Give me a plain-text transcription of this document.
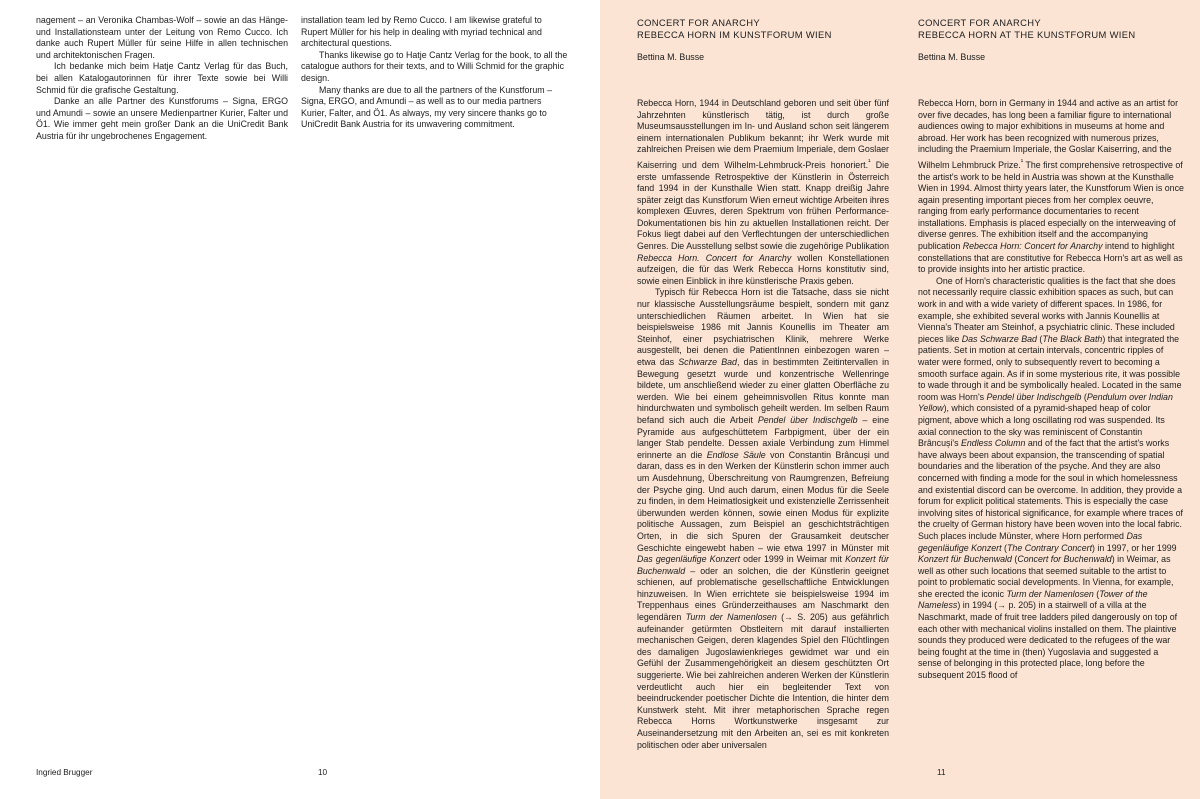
nagement – an Veronika Chambas-Wolf – sowie an das Hänge- und Installationsteam unter der Leitung von Remo Cucco. Ich danke auch Rupert Müller für seine Hilfe in allen technischen und architektonischen Fragen.

Ich bedanke mich beim Hatje Cantz Verlag für das Buch, bei allen Katalogautorinnen für ihrer Texte sowie bei Willi Schmid für die grafische Gestaltung.

Danke an alle Partner des Kunstforums – Signa, ERGO und Amundi – sowie an unsere Medienpartner Kurier, Falter und Ö1. Wie immer geht mein großer Dank an die UniCredit Bank Austria für ihr ungebrochenes Engagement.

installation team led by Remo Cucco. I am likewise grateful to Rupert Müller for his help in dealing with myriad technical and architectural questions.

Thanks likewise go to Hatje Cantz Verlag for the book, to all the catalogue authors for their texts, and to Willi Schmid for the graphic design.

Many thanks are due to all the partners of the Kunstforum – Signa, ERGO, and Amundi – as well as to our media partners Kurier, Falter, and Ö1. As always, my very sincere thanks go to UniCredit Bank Austria for its unwavering commitment.

Ingried Brugger	10
CONCERT FOR ANARCHY
REBECCA HORN IM KUNSTFORUM WIEN
Bettina M. Busse
CONCERT FOR ANARCHY
REBECCA HORN AT THE KUNSTFORUM WIEN
Bettina M. Busse

Rebecca Horn, 1944 in Deutschland geboren und seit über fünf Jahrzehnten künstlerisch tätig, ist durch große Museumsausstellungen im In- und Ausland schon seit längerem einem internationalen Publikum bekannt; ihr Werk wurde mit zahlreichen Preisen wie dem Praemium Imperiale, dem Goslaer Kaiserring und dem Wilhelm-Lehmbruck-Preis honoriert.$^{^1}$ Die erste umfassende Retrospektive der Künstlerin in Österreich fand 1994 in der Kunsthalle Wien statt. Knapp dreißig Jahre später zeigt das Kunstforum Wien erneut wichtige Arbeiten ihres komplexen Œuvres, deren Spektrum von frühen Performance-Dokumentationen bis hin zu aktuellen Installationen reicht. Der Fokus liegt dabei auf den Verflechtungen der unterschiedlichen Genres. Die Ausstellung selbst sowie die zugehörige Publikation Rebecca Horn. Concert for Anarchy wollen Konstellationen aufzeigen, die für das Werk Rebecca Horns konstitutiv sind, sowie einen Einblick in ihre künstlerische Praxis geben.

Typisch für Rebecca Horn ist die Tatsache, dass sie nicht nur klassische Ausstellungsräume bespielt, sondern mit ganz unterschiedlichen Räumen arbeitet. In Wien hat sie beispielsweise 1986 mit Jannis Kounellis im Theater am Steinhof, einer psychiatrischen Klinik, mehrere Werke ausgestellt, bei denen die PatientInnen einbezogen waren – etwa das Schwarze Bad, das in bestimmten Zeitintervallen in Bewegung gesetzt wurde und konzentrische Wellenringe bildete, um anschließend wieder zu einer glatten Oberfläche zu werden. Wie bei einem geheimnisvollen Ritus konnte man hindurchwaten und symbolisch geheilt werden. Im selben Raum befand sich auch die Arbeit Pendel über Indischgelb – eine Pyramide aus aufgeschüttetem Farbpigment, über der ein langer Stab pendelte. Dessen axiale Verbindung zum Himmel erinnerte an die Endlose Säule von Constantin Brâncuși und daran, dass es in den Werken der Künstlerin schon immer auch um Ausdehnung, Überschreitung von Raumgrenzen, Befreiung der Psyche ging. Und auch darum, einen Modus für die Seele zu finden, in dem Heimatlosigkeit und existenzielle Zerrissenheit überwunden werden können, sowie einen Modus für explizite politische Aussagen, zum Beispiel an geschichtsträchtigen Orten, in die sich Spuren der Grausamkeit deutscher Geschichte eingewebt haben – wie etwa 1997 in Münster mit Das gegenläufige Konzert oder 1999 in Weimar mit Konzert für Buchenwald – oder an solchen, die der Künstlerin geeignet schienen, auf problematische gesellschaftliche Entwicklungen hinzuweisen. In Wien errichtete sie beispielsweise 1994 im Treppenhaus eines Gründerzeithauses am Naschmarkt den legendären Turm der Namenlosen (→ S. 205) aus gefährlich aufeinander getürmten Obstleitern mit darauf installierten mechanischen Geigen, deren klagendes Spiel den Flüchtlingen des damaligen Jugoslawienkrieges gewidmet war und ein Gefühl der Zusammengehörigkeit an diesem geschützten Ort suggerierte. Wie bei zahlreichen anderen Werken der Künstlerin verdeutlicht auch hier ein begleitender Text von beeindruckender poetischer Dichte die Intention, die hinter dem Kunstwerk steht. Mit ihrer metaphorischen Sprache regen Rebecca Horns Wortkunstwerke insgesamt zur Auseinandersetzung mit den Arbeiten an, sei es mit konkreten politischen oder aber universalen

Rebecca Horn, born in Germany in 1944 and active as an artist for over five decades, has long been a familiar figure to international audiences owing to major exhibitions in museums at home and abroad. Her work has been recognized with numerous prizes, including the Praemium Imperiale, the Goslar Kaiserring, and the Wilhelm Lehmbruck Prize.$^{^1}$ The first comprehensive retrospective of the artist's work to be held in Austria was shown at the Kunsthalle Wien in 1994. Almost thirty years later, the Kunstforum Wien is once again presenting important pieces from her complex oeuvre, ranging from early performance documentaries to recent installations. Emphasis is placed especially on the interweaving of diverse genres. The exhibition itself and the accompanying publication Rebecca Horn: Concert for Anarchy intend to highlight constellations that are constitutive for Rebecca Horn's art as well as to provide insights into her artistic practice.

One of Horn's characteristic qualities is the fact that she does not necessarily require classic exhibition spaces as such, but can work in and with a wide variety of different spaces. In 1986, for example, she exhibited several works with Jannis Kounellis at Vienna's Theater am Steinhof, a psychiatric clinic. These included pieces like Das Schwarze Bad (The Black Bath) that integrated the patients. Set in motion at certain intervals, concentric ripples of water were formed, only to subsequently revert to becoming a smooth surface again. As if in some mysterious rite, it was possible to wade through it and be symbolically healed. Located in the same room was Horn's Pendel über Indischgelb (Pendulum over Indian Yellow), which consisted of a pyramid-shaped heap of color pigment, above which a long oscillating rod was suspended. Its axial connection to the sky was reminiscent of Constantin Brâncuși's Endless Column and of the fact that the artist's works have always been about expansion, the transcending of spatial boundaries and the liberation of the psyche. And they are also concerned with finding a mode for the soul in which homelessness and existential discord can be overcome. In addition, they provide a forum for explicit political statements. This is especially the case involving sites of historical significance, for example where traces of the cruelty of German history have been woven into the local fabric. Such places include Münster, where Horn performed Das gegenläufige Konzert (The Contrary Concert) in 1997, or her 1999 Konzert für Buchenwald (Concert for Buchenwald) in Weimar, as well as other such locations that seemed suitable to the artist to point to problematic social developments. In Vienna, for example, she erected the iconic Turm der Namenlosen (Tower of the Nameless) in 1994 (→ p. 205) in a stairwell of a villa at the Naschmarkt, made of fruit tree ladders piled dangerously on top of each other with mechanical violins installed on them. The plaintive sounds they produced were dedicated to the refugees of the war being fought at the time in (then) Yugoslavia and suggested a sense of belonging in this protected place, long before the subsequent 2015 flood of

11
